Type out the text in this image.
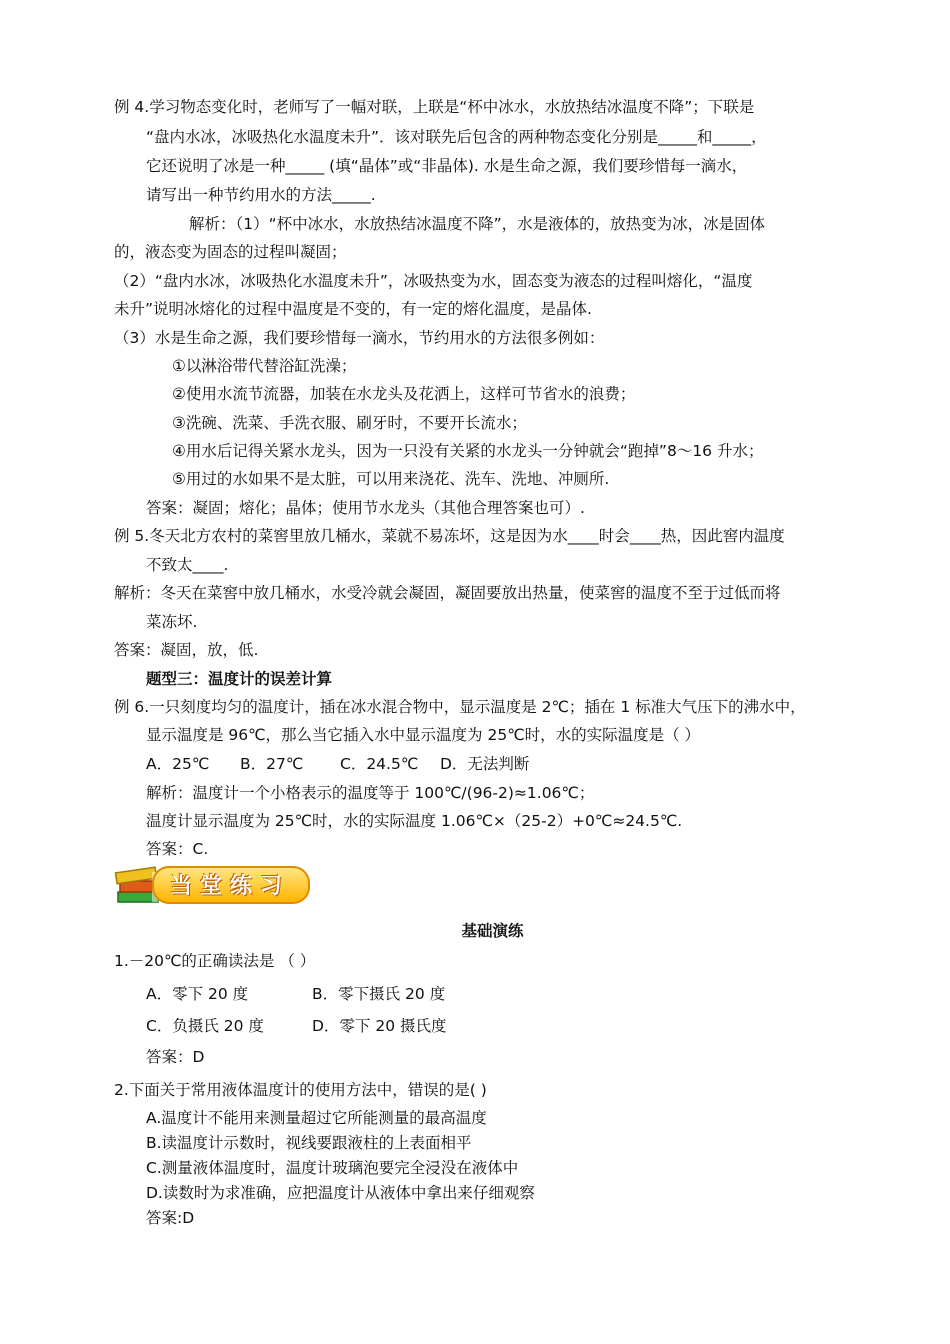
例 4.学习物态变化时，老师写了一幅对联，上联是“杯中冰水，水放热结冰温度不降”；下联是
“盘内水冰，冰吸热化水温度未升”．该对联先后包含的两种物态变化分别是_____和_____，
它还说明了冰是一种_____ (填“晶体”或“非晶体). 水是生命之源，我们要珍惜每一滴水，
请写出一种节约用水的方法_____.
解析：（1）“杯中冰水，水放热结冰温度不降”，水是液体的，放热变为冰，冰是固体
的，液态变为固态的过程叫凝固；
（2）“盘内水冰，冰吸热化水温度未升”，冰吸热变为水，固态变为液态的过程叫熔化，“温度
未升”说明冰熔化的过程中温度是不变的，有一定的熔化温度，是晶体.
（3）水是生命之源，我们要珍惜每一滴水，节约用水的方法很多例如：
①以淋浴带代替浴缸洗澡；
②使用水流节流器，加装在水龙头及花洒上，这样可节省水的浪费；
③洗碗、洗菜、手洗衣服、刷牙时，不要开长流水；
④用水后记得关紧水龙头，因为一只没有关紧的水龙头一分钟就会“跑掉”8～16 升水；
⑤用过的水如果不是太脏，可以用来浇花、洗车、洗地、冲厕所.
答案：凝固；熔化；晶体；使用节水龙头（其他合理答案也可）.
例 5.冬天北方农村的菜窖里放几桶水，菜就不易冻坏，这是因为水____时会____热，因此窖内温度
不致太____.
解析：冬天在菜窖中放几桶水，水受冷就会凝固，凝固要放出热量，使菜窖的温度不至于过低而将
菜冻坏.
答案：凝固，放，低.
题型三：温度计的误差计算
例 6.一只刻度均匀的温度计，插在冰水混合物中，显示温度是 2℃；插在 1 标准大气压下的沸水中，
显示温度是 96℃，那么当它插入水中显示温度为 25℃时，水的实际温度是（ ）
A．25℃ B．27℃ C．24.5℃ D．无法判断
解析：温度计一个小格表示的温度等于 100℃/(96-2)≈1.06℃；
温度计显示温度为 25℃时，水的实际温度 1.06℃×（25-2）+0℃≈24.5℃.
答案：C.
当堂练习
基础演练
1.－20℃的正确读法是 （ ）
A．零下 20 度	B．零下摄氏 20 度
C．负摄氏 20 度	D．零下 20 摄氏度
答案：D
2.下面关于常用液体温度计的使用方法中，错误的是( )
A.温度计不能用来测量超过它所能测量的最高温度
B.读温度计示数时，视线要跟液柱的上表面相平
C.测量液体温度时，温度计玻璃泡要完全浸没在液体中
D.读数时为求准确，应把温度计从液体中拿出来仔细观察
答案:D
